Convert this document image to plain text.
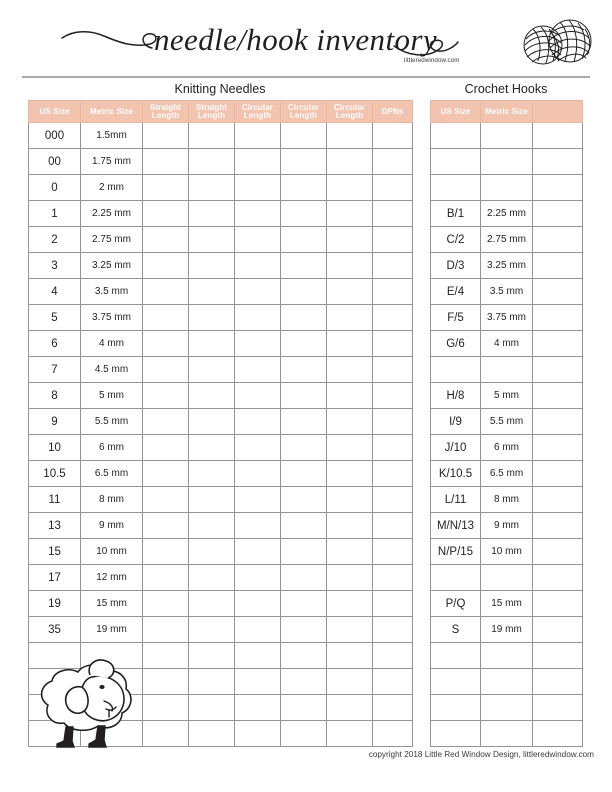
needle/hook inventory
littleredwindow.com
Knitting Needles	Crochet Hooks
US Size	Metric Size	Straight Length	Straight Length	Circular Length	Circular Length	Circular Length	DPNs
000	1.5mm						
00	1.75 mm						
0	2 mm						
1	2.25 mm						
2	2.75 mm						
3	3.25 mm						
4	3.5 mm						
5	3.75 mm						
6	4 mm						
7	4.5 mm						
8	5 mm						
9	5.5 mm						
10	6 mm						
10.5	6.5 mm						
11	8 mm						
13	9 mm						
15	10 mm						
17	12 mm						
19	15 mm						
35	19 mm						

US Size	Metric Size	

B/1	2.25 mm	
C/2	2.75 mm	
D/3	3.25 mm	
E/4	3.5 mm	
F/5	3.75 mm	
G/6	4 mm	

H/8	5 mm	
I/9	5.5 mm	
J/10	6 mm	
K/10.5	6.5 mm	
L/11	8 mm	
M/N/13	9 mm	
N/P/15	10 mm	

P/Q	15 mm	
S	19 mm	

copyright 2018 Little Red Window Design, littleredwindow.com
